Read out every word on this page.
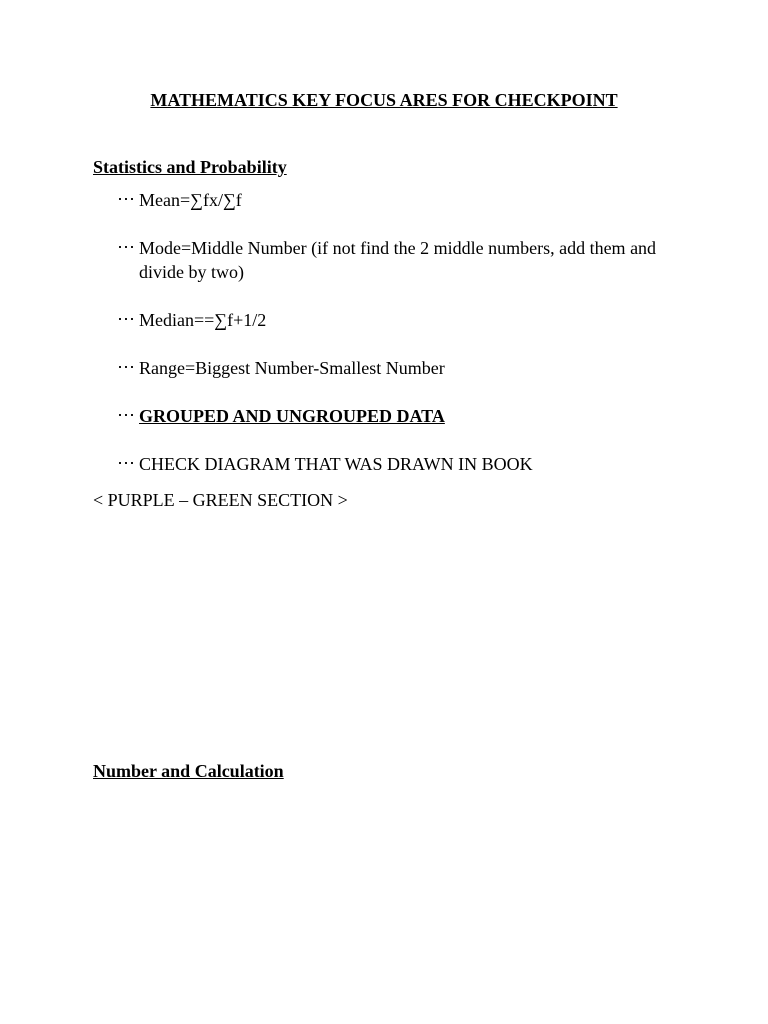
MATHEMATICS KEY FOCUS ARES FOR CHECKPOINT
Statistics and Probability
⋯ Mean=∑fx/∑f
⋯ Mode=Middle Number (if not find the 2 middle numbers, add them and divide by two)
⋯ Median==∑f+1/2
⋯ Range=Biggest Number-Smallest Number
⋯ GROUPED AND UNGROUPED DATA
⋯ CHECK DIAGRAM THAT WAS DRAWN IN BOOK

< PURPLE – GREEN SECTION >

Number and Calculation
